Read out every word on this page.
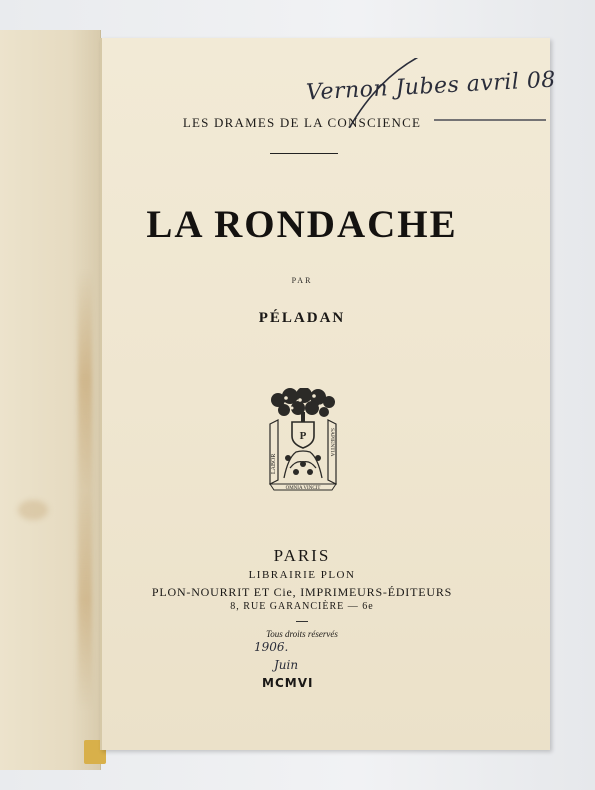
Vernon Jubes avril 08
LES DRAMES DE LA CONSCIENCE
LA RONDACHE
PAR
PÉLADAN
P
LABOR
SAPIENTIA
OMNIA VINCIT
PARIS
LIBRAIRIE PLON
PLON-NOURRIT ET Cie, IMPRIMEURS-ÉDITEURS
8, RUE GARANCIÈRE — 6e
Tous droits réservés
1906.
Juin
MCMVI
